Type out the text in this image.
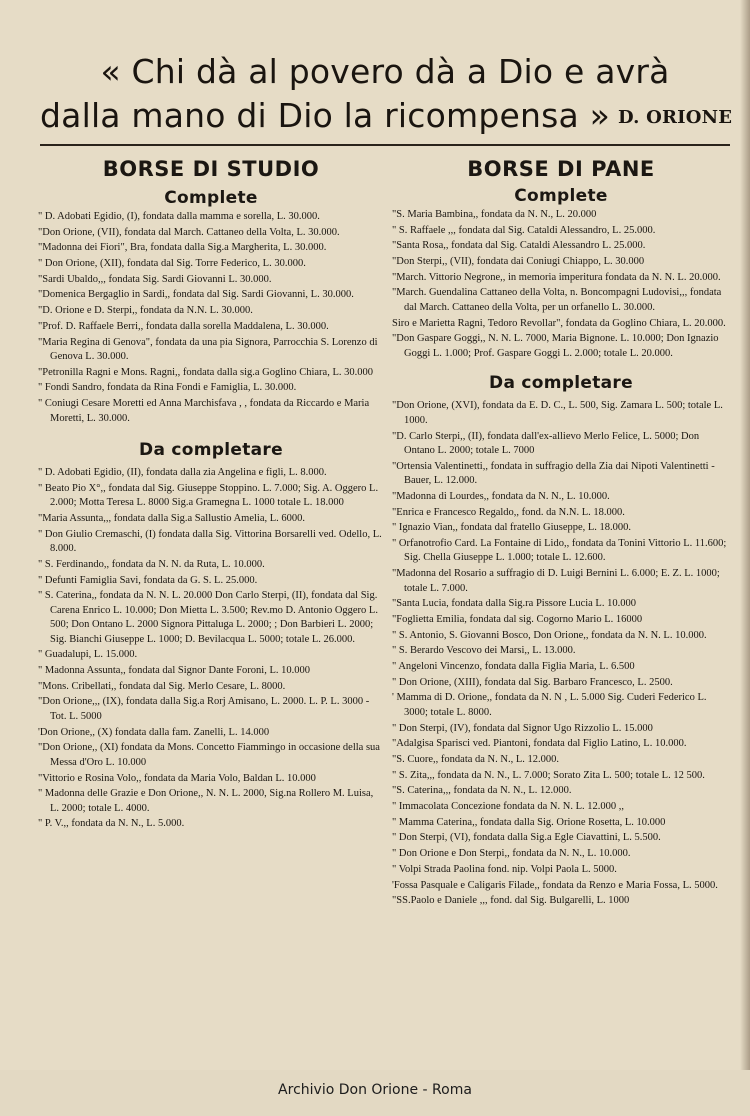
« Chi dà al povero dà a Dio e avrà
dalla mano di Dio la ricompensa » D. ORIONE
BORSE DI STUDIO
Complete
" D. Adobati Egidio, (I), fondata dalla mamma e sorella, L. 30.000.
"Don Orione, (VII), fondata dal March. Cattaneo della Volta, L. 30.000.
"Madonna dei Fiori", Bra, fondata dalla Sig.a Margherita, L. 30.000.
" Don Orione, (XII), fondata dal Sig. Torre Federico, L. 30.000.
"Sardi Ubaldo,,, fondata Sig. Sardi Giovanni L. 30.000.
"Domenica Bergaglio in Sardi,, fondata dal Sig. Sardi Giovanni, L. 30.000.
"D. Orione e D. Sterpi,, fondata da N.N. L. 30.000.
"Prof. D. Raffaele Berri,, fondata dalla sorella Maddalena, L. 30.000.
"Maria Regina di Genova", fondata da una pia Signora, Parrocchia S. Lorenzo di Genova L. 30.000.
"Petronilla Ragni e Mons. Ragni,, fondata dalla sig.a Goglino Chiara, L. 30.000
" Fondi Sandro, fondata da Rina Fondi e Famiglia, L. 30.000.
" Coniugi Cesare Moretti ed Anna Marchisfava , , fondata da Riccardo e Maria Moretti, L. 30.000.
Da completare
" D. Adobati Egidio, (II), fondata dalla zia Angelina e figli, L. 8.000.
" Beato Pio X°,, fondata dal Sig. Giuseppe Stoppino. L. 7.000; Sig. A. Oggero L. 2.000; Motta Teresa L. 8000 Sig.a Gramegna L. 1000 totale L. 18.000
"Maria Assunta,,, fondata dalla Sig.a Sallustio Amelia, L. 6000.
" Don Giulio Cremaschi, (I) fondata dalla Sig. Vittorina Borsarelli ved. Odello, L. 8.000.
" S. Ferdinando,, fondata da N. N. da Ruta, L. 10.000.
" Defunti Famiglia Savi, fondata da G. S. L. 25.000.
" S. Caterina,, fondata da N. N. L. 20.000 Don Carlo Sterpi, (II), fondata dal Sig. Carena Enrico L. 10.000; Don Mietta L. 3.500; Rev.mo D. Antonio Oggero L. 500; Don Ontano L. 2000 Signora Pittaluga L. 2000; ; Don Barbieri L. 2000; Sig. Bianchi Giuseppe L. 1000; D. Bevilacqua L. 5000; totale L. 26.000.
" Guadalupi, L. 15.000.
" Madonna Assunta,, fondata dal Signor Dante Foroni, L. 10.000
"Mons. Cribellati,, fondata dal Sig. Merlo Cesare, L. 8000.
"Don Orione,,, (IX), fondata dalla Sig.a Rorj Amisano, L. 2000. L. P. L. 3000 - Tot. L. 5000
'Don Orione,, (X) fondata dalla fam. Zanelli, L. 14.000
"Don Orione,, (XI) fondata da Mons. Concetto Fiammingo in occasione della sua Messa d'Oro L. 10.000
"Vittorio e Rosina Volo,, fondata da Maria Volo, Baldan L. 10.000
" Madonna delle Grazie e Don Orione,, N. N. L. 2000, Sig.na Rollero M. Luisa, L. 2000; totale L. 4000.
" P. V.,, fondata da N. N., L. 5.000.
BORSE DI PANE
Complete
"S. Maria Bambina,, fondata da N. N., L. 20.000
" S. Raffaele ,,, fondata dal Sig. Cataldi Alessandro, L. 25.000.
"Santa Rosa,, fondata dal Sig. Cataldi Alessandro L. 25.000.
"Don Sterpi,, (VII), fondata dai Coniugi Chiappo, L. 30.000
"March. Vittorio Negrone,, in memoria imperitura fondata da N. N. L. 20.000.
"March. Guendalina Cattaneo della Volta, n. Boncompagni Ludovisi,,, fondata dal March. Cattaneo della Volta, per un orfanello L. 30.000.
Siro e Marietta Ragni, Tedoro Revollar", fondata da Goglino Chiara, L. 20.000.
"Don Gaspare Goggi,, N. N. L. 7000, Maria Bignone. L. 10.000; Don Ignazio Goggi L. 1.000; Prof. Gaspare Goggi L. 2.000; totale L. 20.000.
Da completare
"Don Orione, (XVI), fondata da E. D. C., L. 500, Sig. Zamara L. 500; totale L. 1000.
"D. Carlo Sterpi,, (II), fondata dall'ex-allievo Merlo Felice, L. 5000; Don Ontano L. 2000; totale L. 7000
"Ortensia Valentinetti,, fondata in suffragio della Zia dai Nipoti Valentinetti - Bauer, L. 12.000.
"Madonna di Lourdes,, fondata da N. N., L. 10.000.
"Enrica e Francesco Regaldo,, fond. da N.N. L. 18.000.
" Ignazio Vian,, fondata dal fratello Giuseppe, L. 18.000.
" Orfanotrofio Card. La Fontaine di Lido,, fondata da Tonini Vittorio L. 11.600; Sig. Chella Giuseppe L. 1.000; totale L. 12.600.
"Madonna del Rosario a suffragio di D. Luigi Bernini L. 6.000; E. Z. L. 1000; totale L. 7.000.
"Santa Lucia, fondata dalla Sig.ra Pissore Lucia L. 10.000
"Foglietta Emilia, fondata dal sig. Cogorno Mario L. 16000
" S. Antonio, S. Giovanni Bosco, Don Orione,, fondata da N. N. L. 10.000.
" S. Berardo Vescovo dei Marsi,, L. 13.000.
" Angeloni Vincenzo, fondata dalla Figlia Maria, L. 6.500
" Don Orione, (XIII), fondata dal Sig. Barbaro Francesco, L. 2500.
' Mamma di D. Orione,, fondata da N. N , L. 5.000 Sig. Cuderi Federico L. 3000; totale L. 8000.
" Don Sterpi, (IV), fondata dal Signor Ugo Rizzolio L. 15.000
"Adalgisa Sparisci ved. Piantoni, fondata dal Figlio Latino, L. 10.000.
"S. Cuore,, fondata da N. N., L. 12.000.
" S. Zita,,, fondata da N. N., L. 7.000; Sorato Zita L. 500; totale L. 12 500.
"S. Caterina,,, fondata da N. N., L. 12.000.
" Immacolata Concezione fondata da N. N. L. 12.000 ,,
" Mamma Caterina,, fondata dalla Sig. Orione Rosetta, L. 10.000
" Don Sterpi, (VI), fondata dalla Sig.a Egle Ciavattini, L. 5.500.
" Don Orione e Don Sterpi,, fondata da N. N., L. 10.000.
" Volpi Strada Paolina fond. nip. Volpi Paola L. 5000.
'Fossa Pasquale e Caligaris Filade,, fondata da Renzo e Maria Fossa, L. 5000.
"SS.Paolo e Daniele ,,, fond. dal Sig. Bulgarelli, L. 1000
Archivio Don Orione - Roma
